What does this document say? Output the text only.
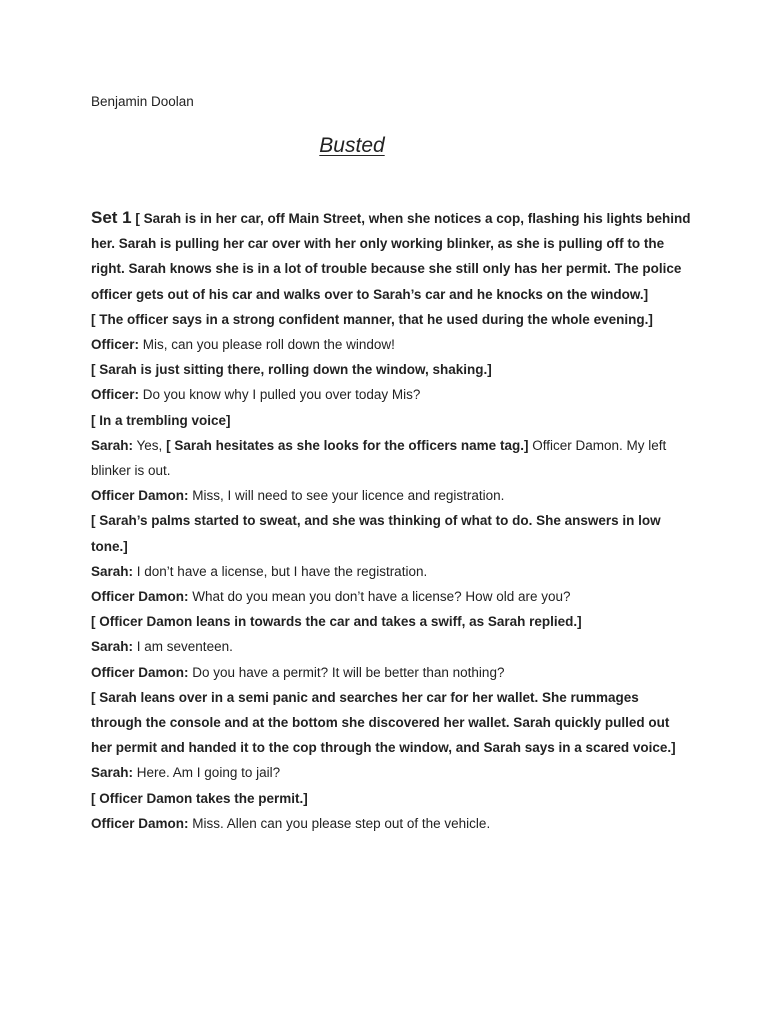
Benjamin Doolan
Busted

Set 1 [ Sarah is in her car, off Main Street, when she notices a cop, flashing his lights behind her. Sarah is pulling her car over with her only working blinker, as she is pulling off to the right. Sarah knows she is in a lot of trouble because she still only has her permit. The police officer gets out of his car and walks over to Sarah’s car and he knocks on the window.]

[ The officer says in a strong confident manner, that he used during the whole evening.]

Officer: Mis, can you please roll down the window!

[ Sarah is just sitting there, rolling down the window, shaking.]

Officer: Do you know why I pulled you over today Mis?

[ In a trembling voice]

Sarah: Yes, [ Sarah hesitates as she looks for the officers name tag.] Officer Damon. My left blinker is out.

Officer Damon: Miss, I will need to see your licence and registration.

[ Sarah’s palms started to sweat, and she was thinking of what to do. She answers in low tone.]

Sarah: I don’t have a license, but I have the registration.

Officer Damon: What do you mean you don’t have a license? How old are you?

[ Officer Damon leans in towards the car and takes a swiff, as Sarah replied.]

Sarah: I am seventeen.

Officer Damon: Do you have a permit? It will be better than nothing?

[ Sarah leans over in a semi panic and searches her car for her wallet. She rummages through the console and at the bottom she discovered her wallet. Sarah quickly pulled out her permit and handed it to the cop through the window, and Sarah says in a scared voice.]

Sarah: Here. Am I going to jail?

[ Officer Damon takes the permit.]

Officer Damon: Miss. Allen can you please step out of the vehicle.
